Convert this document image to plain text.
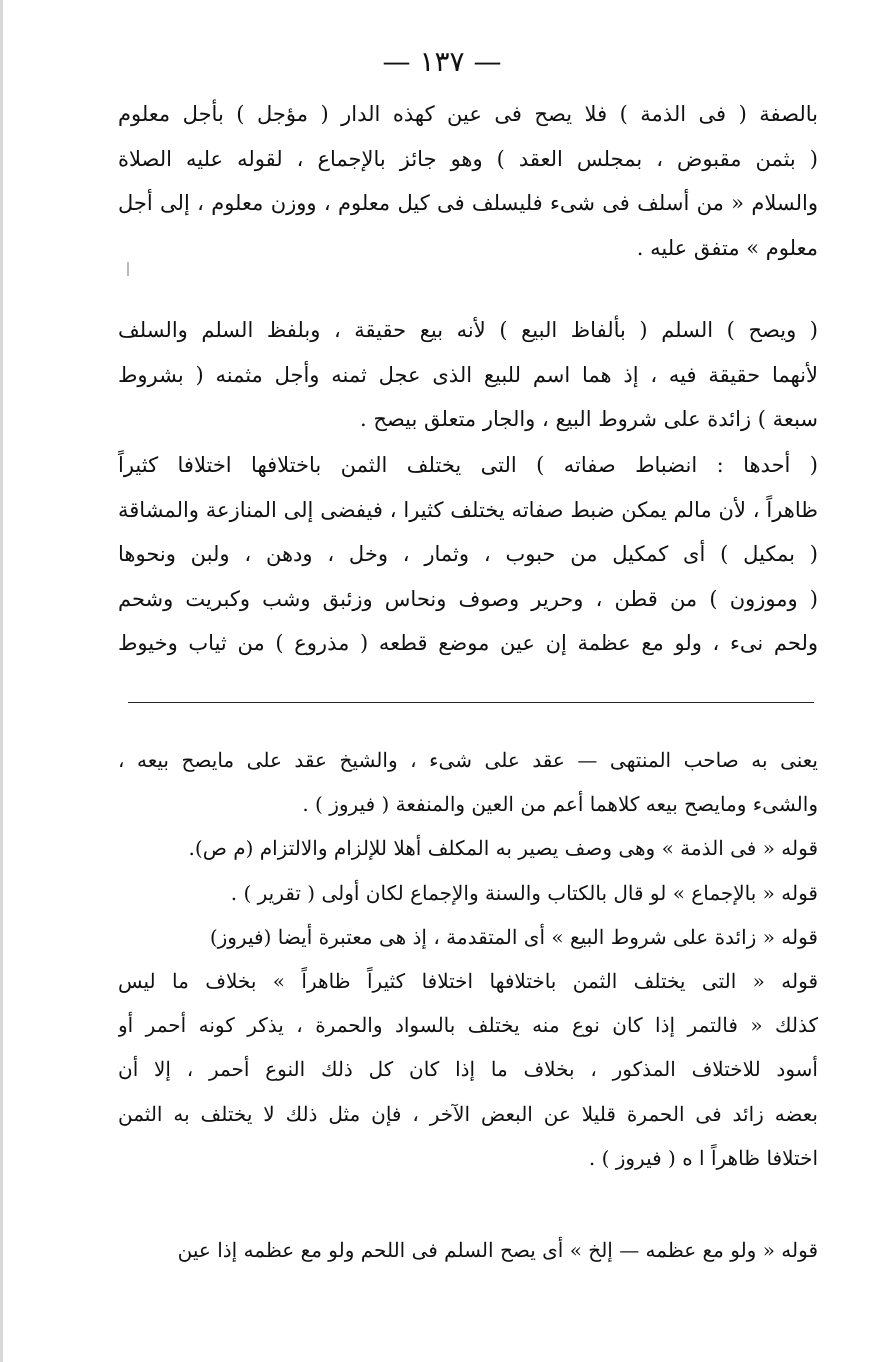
— ١٣٧ —
بالصفة ( فى الذمة ) فلا يصح فى عين كهذه الدار ( مؤجل ) بأجل معلوم
( بثمن مقبوض ، بمجلس العقد ) وهو جائز بالإجماع ، لقوله عليه الصلاة
والسلام « من أسلف فى شىء فليسلف فى كيل معلوم ، ووزن معلوم ، إلى أجل
معلوم » متفق عليه .
( ويصح ) السلم ( بألفاظ البيع ) لأنه بيع حقيقة ، وبلفظ السلم والسلف
لأنهما حقيقة فيه ، إذ هما اسم للبيع الذى عجل ثمنه وأجل مثمنه ( بشروط
سبعة ) زائدة على شروط البيع ، والجار متعلق بيصح .
( أحدها : انضباط صفاته ) التى يختلف الثمن باختلافها اختلافا كثيراً
ظاهراً ، لأن مالم يمكن ضبط صفاته يختلف كثيرا ، فيفضى إلى المنازعة والمشاقة
( بمكيل ) أى كمكيل من حبوب ، وثمار ، وخل ، ودهن ، ولبن ونحوها
( وموزون ) من قطن ، وحرير وصوف ونحاس وزئبق وشب وكبريت وشحم
ولحم نىء ، ولو مع عظمة إن عين موضع قطعه ( مذروع ) من ثياب وخيوط
يعنى به صاحب المنتهى — عقد على شىء ، والشيخ عقد على مايصح بيعه ،
والشىء ومايصح بيعه كلاهما أعم من العين والمنفعة ( فيروز ) .
قوله « فى الذمة » وهى وصف يصير به المكلف أهلا للإلزام والالتزام (م ص).
قوله « بالإجماع » لو قال بالكتاب والسنة والإجماع لكان أولى ( تقرير ) .
قوله « زائدة على شروط البيع » أى المتقدمة ، إذ هى معتبرة أيضا (فيروز)
قوله « التى يختلف الثمن باختلافها اختلافا كثيراً ظاهراً » بخلاف ما ليس
كذلك « فالتمر إذا كان نوع منه يختلف بالسواد والحمرة ، يذكر كونه أحمر أو
أسود للاختلاف المذكور ، بخلاف ما إذا كان كل ذلك النوع أحمر ، إلا أن
بعضه زائد فى الحمرة قليلا عن البعض الآخر ، فإن مثل ذلك لا يختلف به الثمن
اختلافا ظاهراً ا ه ( فيروز ) .
قوله « ولو مع عظمه — إلخ » أى يصح السلم فى اللحم ولو مع عظمه إذا عين
